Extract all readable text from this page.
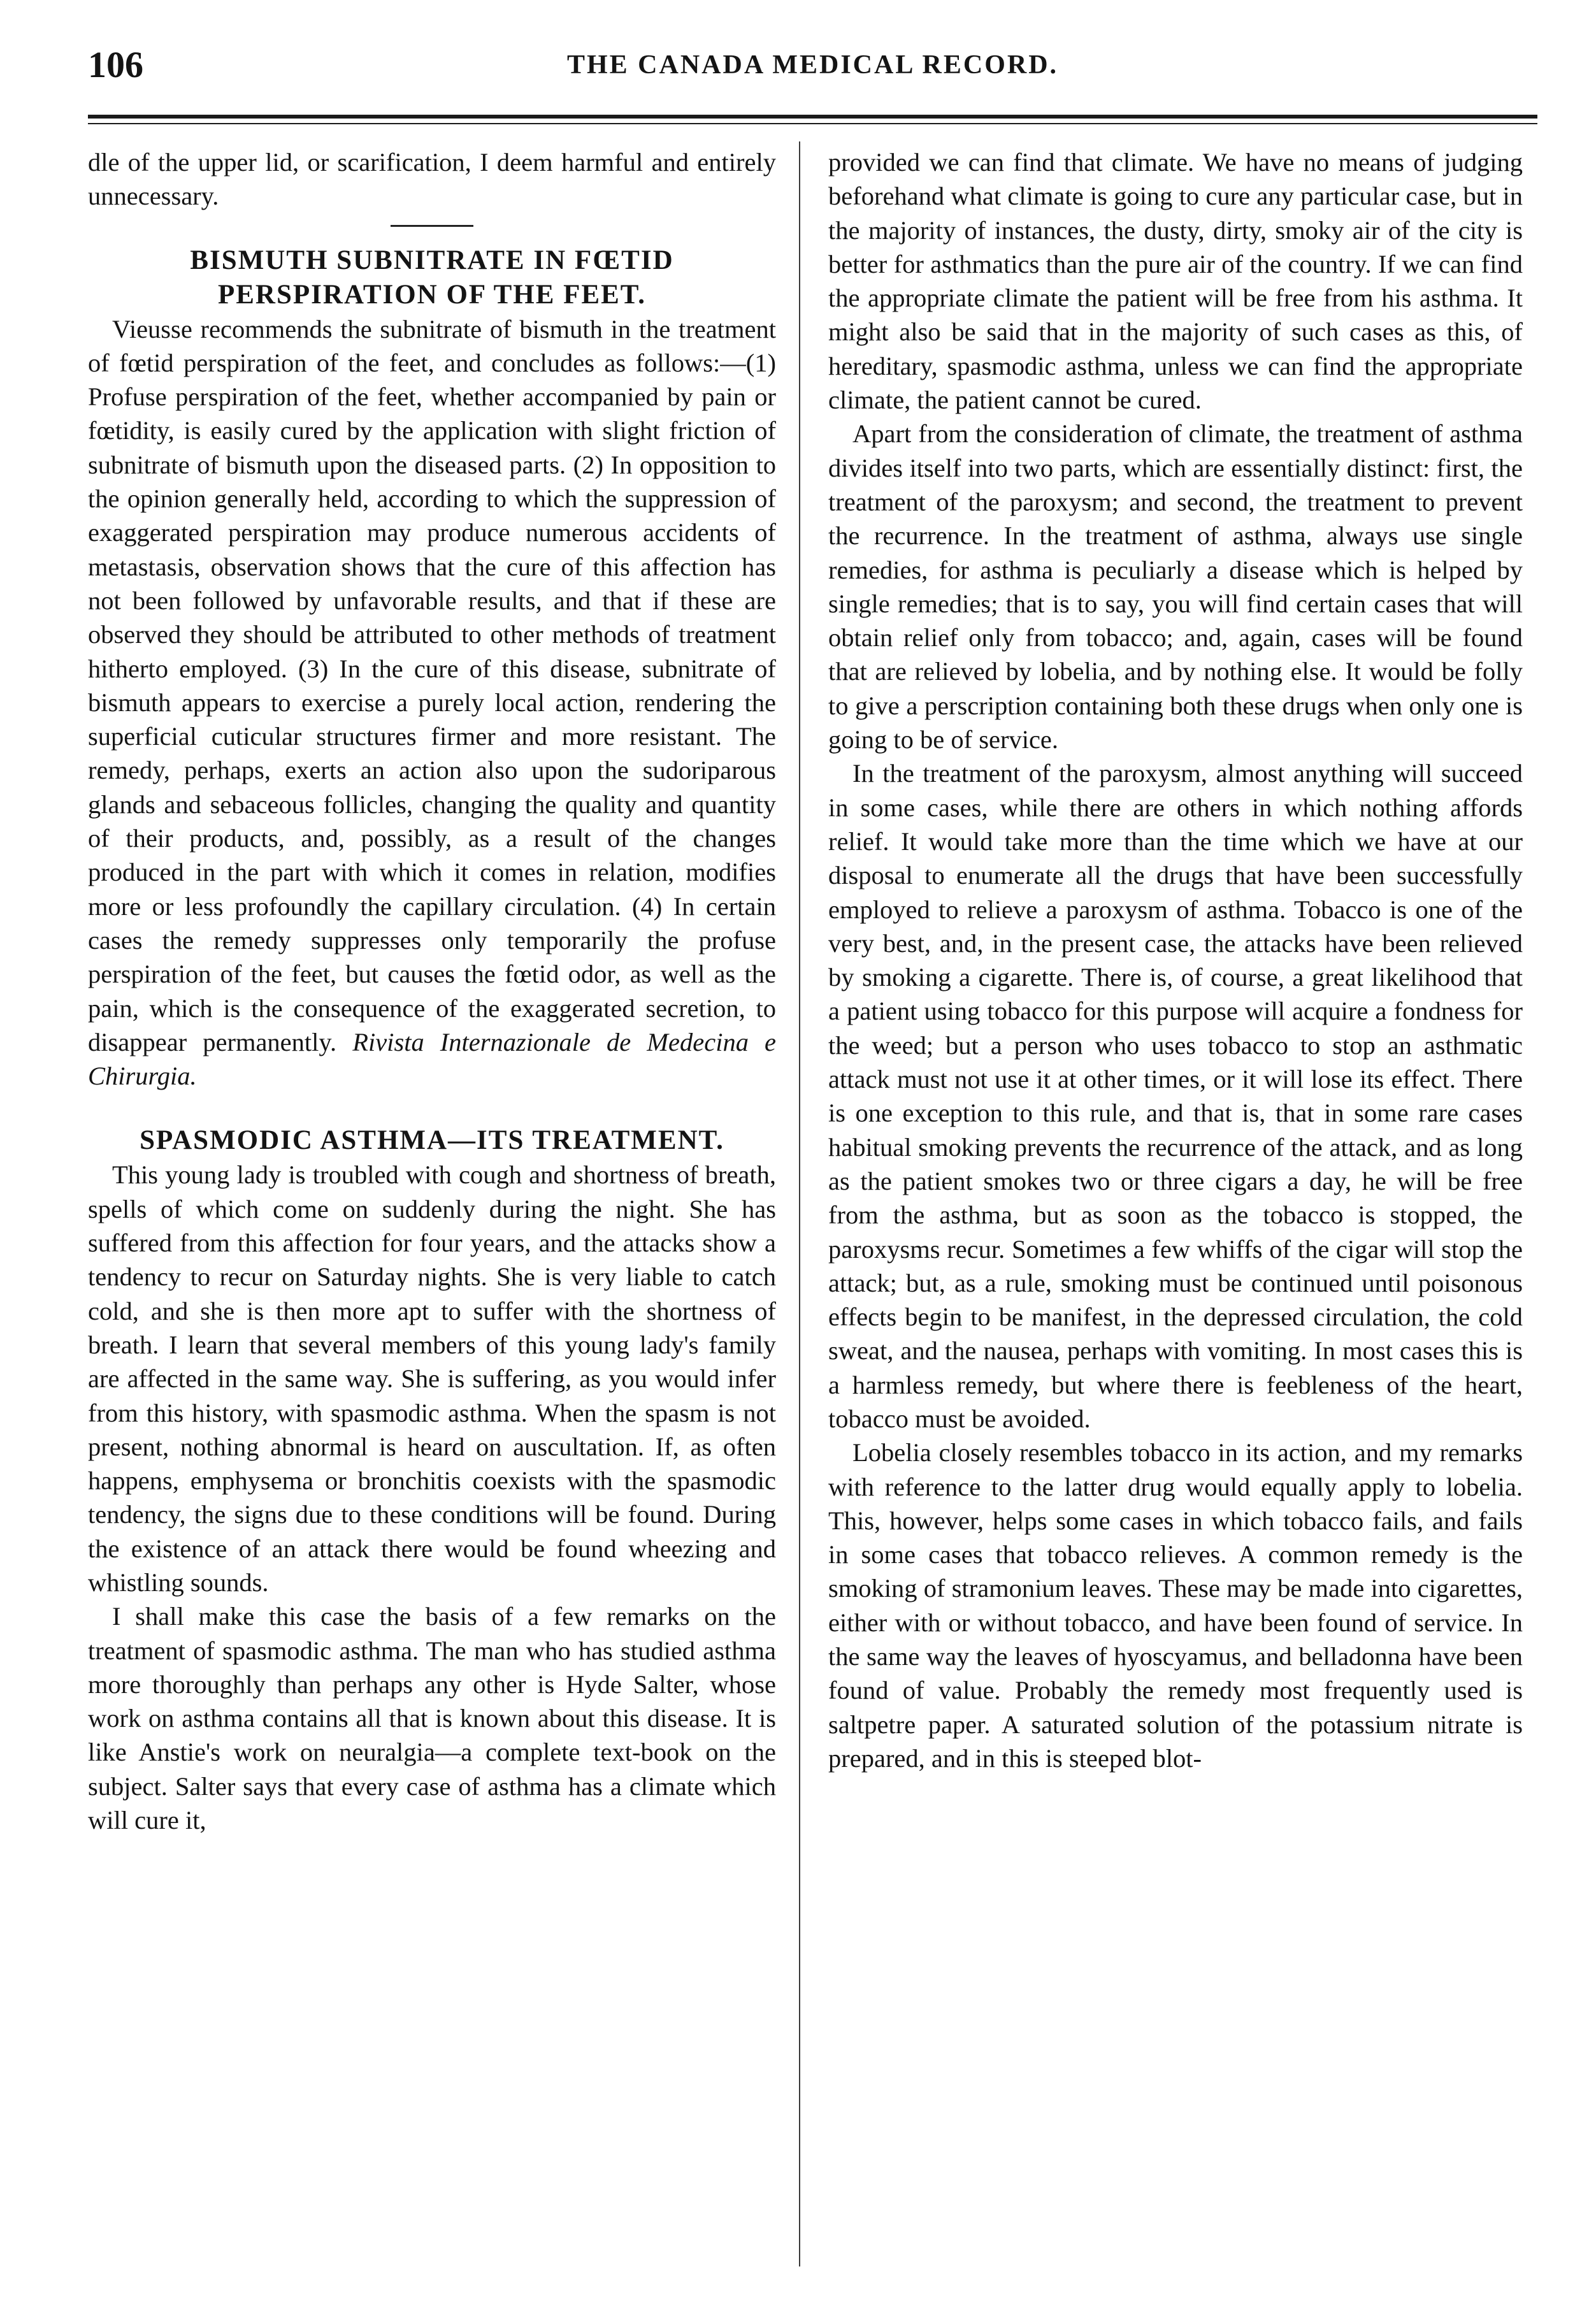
106	THE CANADA MEDICAL RECORD.

dle of the upper lid, or scarification, I deem harmful and entirely unnecessary.

BISMUTH SUBNITRATE IN FŒTID PERSPIRATION OF THE FEET.

Vieusse recommends the subnitrate of bismuth in the treatment of fœtid perspiration of the feet, and concludes as follows:—(1) Profuse perspiration of the feet, whether accompanied by pain or fœtidity, is easily cured by the application with slight friction of subnitrate of bismuth upon the diseased parts. (2) In opposition to the opinion generally held, according to which the suppression of exaggerated perspiration may produce numerous accidents of metastasis, observation shows that the cure of this affection has not been followed by unfavorable results, and that if these are observed they should be attributed to other methods of treatment hitherto employed. (3) In the cure of this disease, subnitrate of bismuth appears to exercise a purely local action, rendering the superficial cuticular structures firmer and more resistant. The remedy, perhaps, exerts an action also upon the sudoriparous glands and sebaceous follicles, changing the quality and quantity of their products, and, possibly, as a result of the changes produced in the part with which it comes in relation, modifies more or less profoundly the capillary circulation. (4) In certain cases the remedy suppresses only temporarily the profuse perspiration of the feet, but causes the fœtid odor, as well as the pain, which is the consequence of the exaggerated secretion, to disappear permanently. Rivista Internazionale de Medecina e Chirurgia.

SPASMODIC ASTHMA—ITS TREATMENT.

This young lady is troubled with cough and shortness of breath, spells of which come on suddenly during the night. She has suffered from this affection for four years, and the attacks show a tendency to recur on Saturday nights. She is very liable to catch cold, and she is then more apt to suffer with the shortness of breath. I learn that several members of this young lady's family are affected in the same way. She is suffering, as you would infer from this history, with spasmodic asthma. When the spasm is not present, nothing abnormal is heard on auscultation. If, as often happens, emphysema or bronchitis coexists with the spasmodic tendency, the signs due to these conditions will be found. During the existence of an attack there would be found wheezing and whistling sounds.

I shall make this case the basis of a few remarks on the treatment of spasmodic asthma. The man who has studied asthma more thoroughly than perhaps any other is Hyde Salter, whose work on asthma contains all that is known about this disease. It is like Anstie's work on neuralgia—a complete text-book on the subject. Salter says that every case of asthma has a climate which will cure it,

provided we can find that climate. We have no means of judging beforehand what climate is going to cure any particular case, but in the majority of instances, the dusty, dirty, smoky air of the city is better for asthmatics than the pure air of the country. If we can find the appropriate climate the patient will be free from his asthma. It might also be said that in the majority of such cases as this, of hereditary, spasmodic asthma, unless we can find the appropriate climate, the patient cannot be cured.

Apart from the consideration of climate, the treatment of asthma divides itself into two parts, which are essentially distinct: first, the treatment of the paroxysm; and second, the treatment to prevent the recurrence. In the treatment of asthma, always use single remedies, for asthma is peculiarly a disease which is helped by single remedies; that is to say, you will find certain cases that will obtain relief only from tobacco; and, again, cases will be found that are relieved by lobelia, and by nothing else. It would be folly to give a perscription containing both these drugs when only one is going to be of service.

In the treatment of the paroxysm, almost anything will succeed in some cases, while there are others in which nothing affords relief. It would take more than the time which we have at our disposal to enumerate all the drugs that have been successfully employed to relieve a paroxysm of asthma. Tobacco is one of the very best, and, in the present case, the attacks have been relieved by smoking a cigarette. There is, of course, a great likelihood that a patient using tobacco for this purpose will acquire a fondness for the weed; but a person who uses tobacco to stop an asthmatic attack must not use it at other times, or it will lose its effect. There is one exception to this rule, and that is, that in some rare cases habitual smoking prevents the recurrence of the attack, and as long as the patient smokes two or three cigars a day, he will be free from the asthma, but as soon as the tobacco is stopped, the paroxysms recur. Sometimes a few whiffs of the cigar will stop the attack; but, as a rule, smoking must be continued until poisonous effects begin to be manifest, in the depressed circulation, the cold sweat, and the nausea, perhaps with vomiting. In most cases this is a harmless remedy, but where there is feebleness of the heart, tobacco must be avoided.

Lobelia closely resembles tobacco in its action, and my remarks with reference to the latter drug would equally apply to lobelia. This, however, helps some cases in which tobacco fails, and fails in some cases that tobacco relieves. A common remedy is the smoking of stramonium leaves. These may be made into cigarettes, either with or without tobacco, and have been found of service. In the same way the leaves of hyoscyamus, and belladonna have been found of value. Probably the remedy most frequently used is saltpetre paper. A saturated solution of the potassium nitrate is prepared, and in this is steeped blot-
